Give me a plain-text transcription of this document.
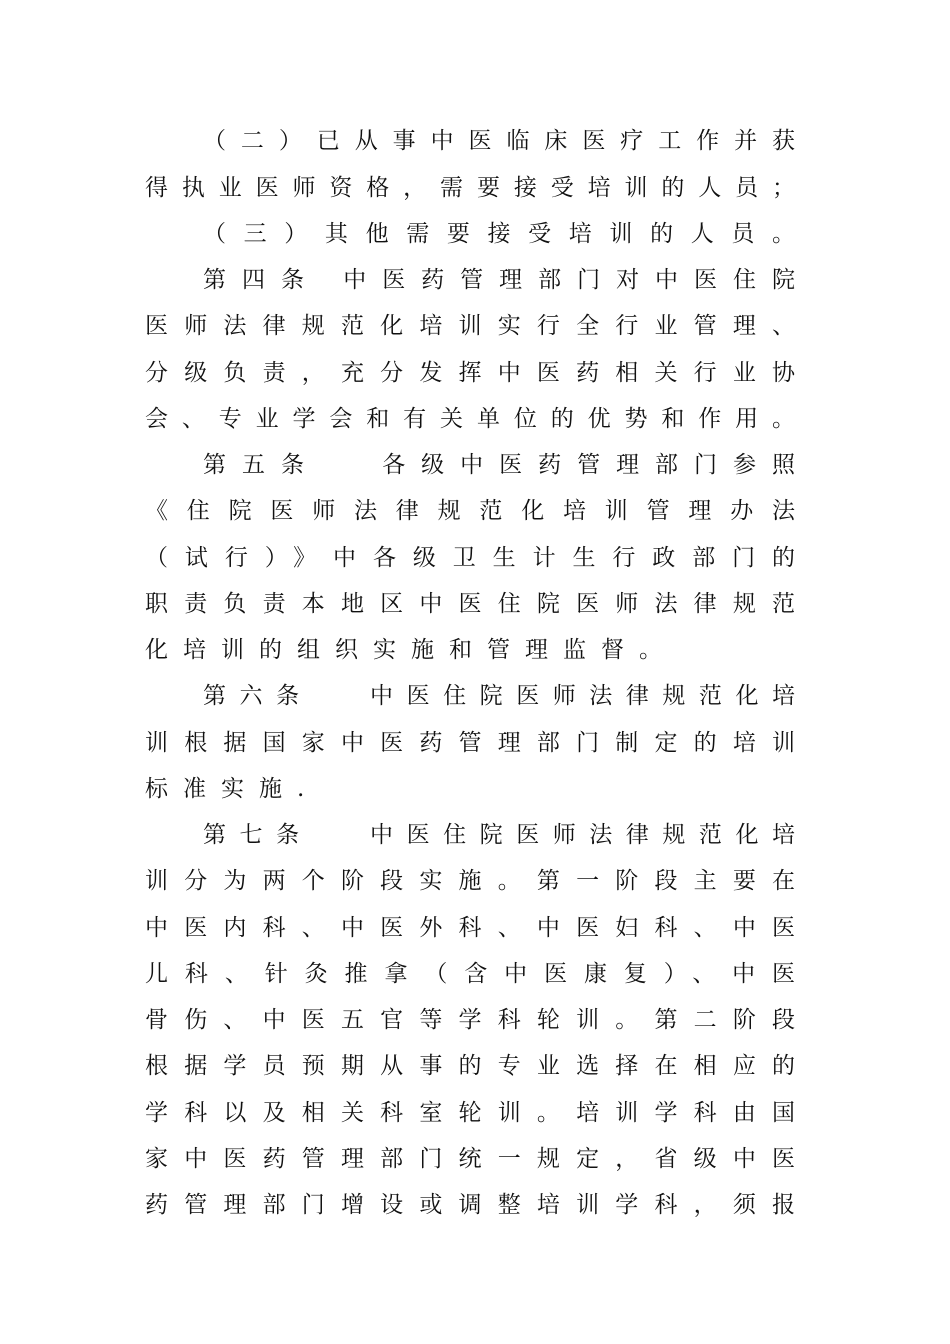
（二）已从事中医临床医疗工作并获
得执业医师资格，需要接受培训的人员；
（三）其他需要接受培训的人员。
第四条 中医药管理部门对中医住院
医师法律规范化培训实行全行业管理、
分级负责，充分发挥中医药相关行业协
会、专业学会和有关单位的优势和作用。
第五条　 各级中医药管理部门参照
《住院医师法律规范化培训管理办法
（试行）》中各级卫生计生行政部门的
职责负责本地区中医住院医师法律规范
化培训的组织实施和管理监督。
第六条　 中医住院医师法律规范化培
训根据国家中医药管理部门制定的培训
标准实施.
第七条　 中医住院医师法律规范化培
训分为两个阶段实施。第一阶段主要在
中医内科、中医外科、中医妇科、中医
儿科、针灸推拿（含中医康复）、中医
骨伤、中医五官等学科轮训。第二阶段
根据学员预期从事的专业选择在相应的
学科以及相关科室轮训。培训学科由国
家中医药管理部门统一规定，省级中医
药管理部门增设或调整培训学科，须报
